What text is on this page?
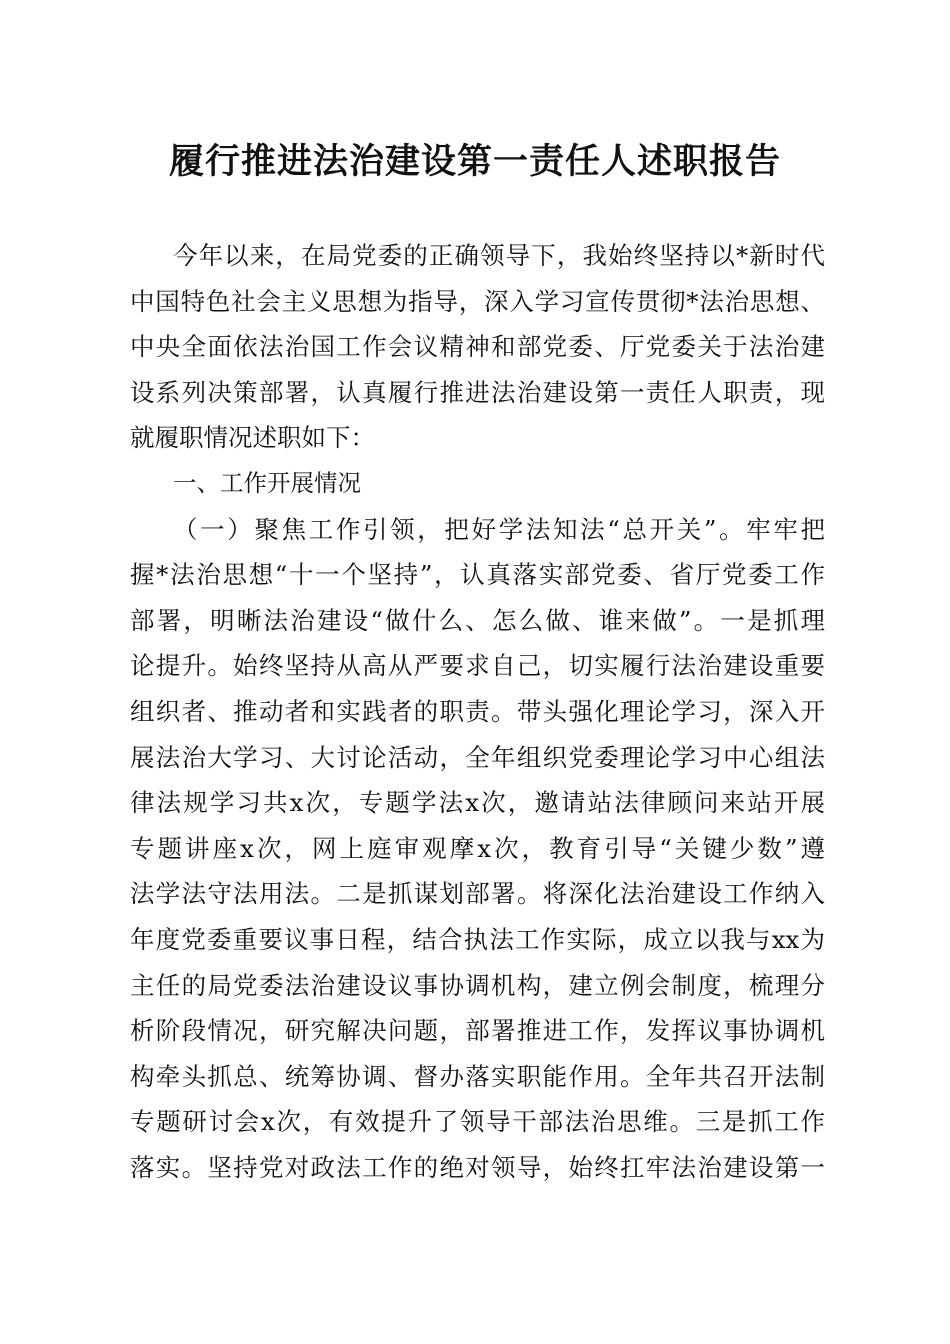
履行推进法治建设第一责任人述职报告
今年以来，在局党委的正确领导下，我始终坚持以*新时代
中国特色社会主义思想为指导，深入学习宣传贯彻*法治思想、
中央全面依法治国工作会议精神和部党委、厅党委关于法治建
设系列决策部署，认真履行推进法治建设第一责任人职责，现
就履职情况述职如下：
一、工作开展情况
（一）聚焦工作引领，把好学法知法“总开关”。牢牢把
握*法治思想“十一个坚持”，认真落实部党委、省厅党委工作
部署，明晰法治建设“做什么、怎么做、谁来做”。一是抓理
论提升。始终坚持从高从严要求自己，切实履行法治建设重要
组织者、推动者和实践者的职责。带头强化理论学习，深入开
展法治大学习、大讨论活动，全年组织党委理论学习中心组法
律法规学习共x次，专题学法x次，邀请站法律顾问来站开展
专题讲座x次，网上庭审观摩x次，教育引导“关键少数”遵
法学法守法用法。二是抓谋划部署。将深化法治建设工作纳入
年度党委重要议事日程，结合执法工作实际，成立以我与xx为
主任的局党委法治建设议事协调机构，建立例会制度，梳理分
析阶段情况，研究解决问题，部署推进工作，发挥议事协调机
构牵头抓总、统筹协调、督办落实职能作用。全年共召开法制
专题研讨会x次，有效提升了领导干部法治思维。三是抓工作
落实。坚持党对政法工作的绝对领导，始终扛牢法治建设第一
